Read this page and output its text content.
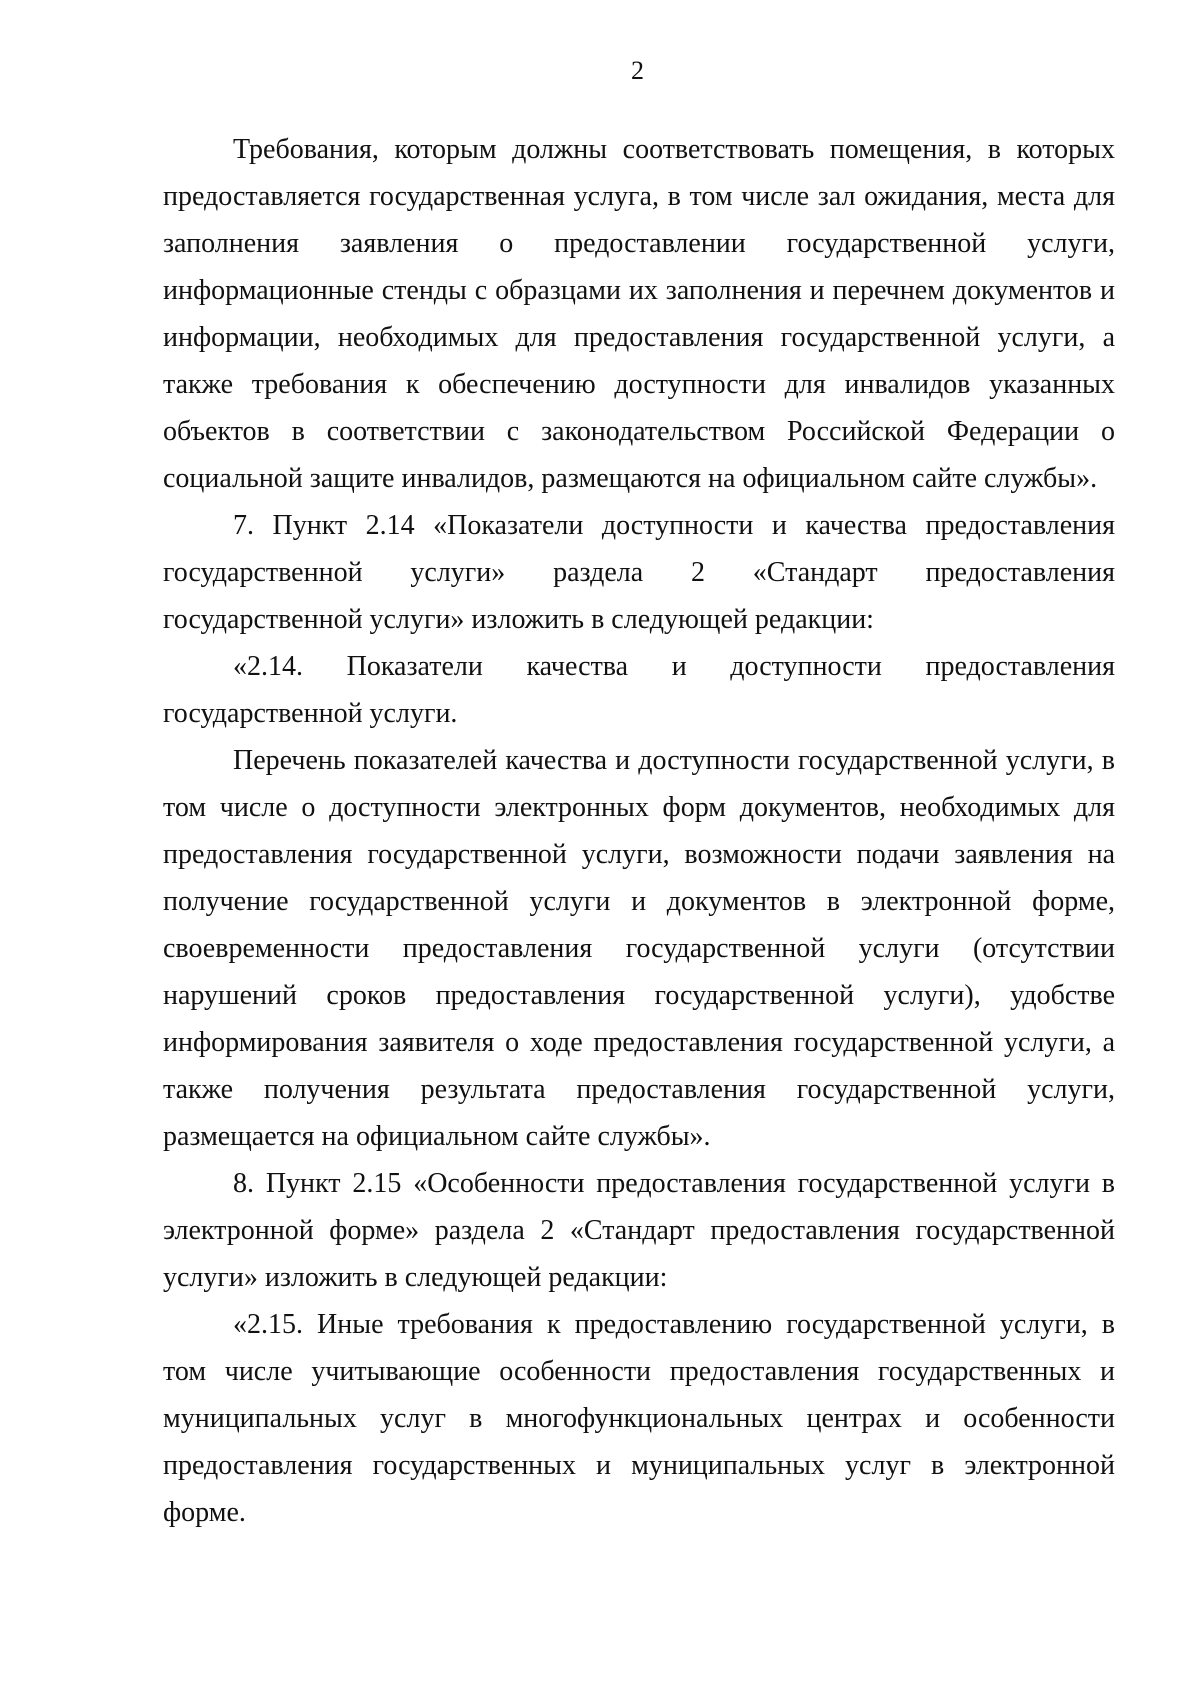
2

Требования, которым должны соответствовать помещения, в которых предоставляется государственная услуга, в том числе зал ожидания, места для заполнения заявления о предоставлении государственной услуги, информационные стенды с образцами их заполнения и перечнем документов и информации, необходимых для предоставления государственной услуги, а также требования к обеспечению доступности для инвалидов указанных объектов в соответствии с законодательством Российской Федерации о социальной защите инвалидов, размещаются на официальном сайте службы».

7. Пункт 2.14 «Показатели доступности и качества предоставления государственной услуги» раздела 2 «Стандарт предоставления государственной услуги» изложить в следующей редакции:

«2.14. Показатели качества и доступности предоставления государственной услуги.

Перечень показателей качества и доступности государственной услуги, в том числе о доступности электронных форм документов, необходимых для предоставления государственной услуги, возможности подачи заявления на получение государственной услуги и документов в электронной форме, своевременности предоставления государственной услуги (отсутствии нарушений сроков предоставления государственной услуги), удобстве информирования заявителя о ходе предоставления государственной услуги, а также получения результата предоставления государственной услуги, размещается на официальном сайте службы».

8. Пункт 2.15 «Особенности предоставления государственной услуги в электронной форме» раздела 2 «Стандарт предоставления государственной услуги» изложить в следующей редакции:

«2.15. Иные требования к предоставлению государственной услуги, в том числе учитывающие особенности предоставления государственных и муниципальных услуг в многофункциональных центрах и особенности предоставления государственных и муниципальных услуг в электронной форме.
